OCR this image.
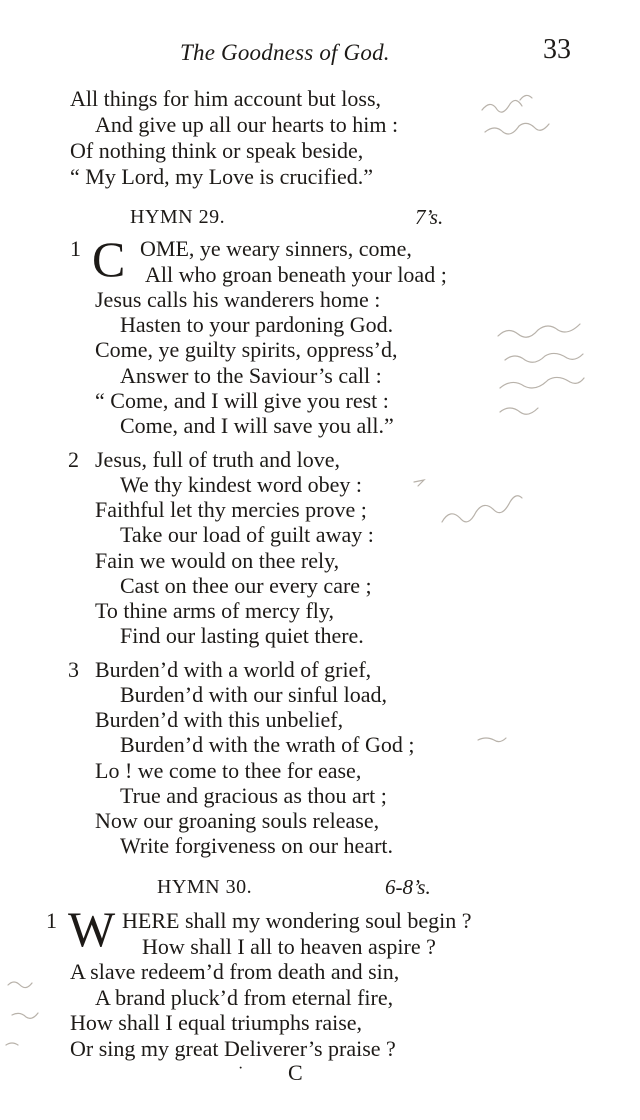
The Goodness of God.	33
All things for him account but loss,
And give up all our hearts to him :
Of nothing think or speak beside,
“ My Lord, my Love is crucified.”
HYMN 29.	7’s.
1 C OME, ye weary sinners, come,
All who groan beneath your load ;
Jesus calls his wanderers home :
Hasten to your pardoning God.
Come, ye guilty spirits, oppress’d,
Answer to the Saviour’s call :
“ Come, and I will give you rest :
Come, and I will save you all.”
2 Jesus, full of truth and love,
We thy kindest word obey :
Faithful let thy mercies prove ;
Take our load of guilt away :
Fain we would on thee rely,
Cast on thee our every care ;
To thine arms of mercy fly,
Find our lasting quiet there.
3 Burden’d with a world of grief,
Burden’d with our sinful load,
Burden’d with this unbelief,
Burden’d with the wrath of God ;
Lo ! we come to thee for ease,
True and gracious as thou art ;
Now our groaning souls release,
Write forgiveness on our heart.
HYMN 30.	6-8’s.
1 W HERE shall my wondering soul begin ?
How shall I all to heaven aspire ?
A slave redeem’d from death and sin,
A brand pluck’d from eternal fire,
How shall I equal triumphs raise,
Or sing my great Deliverer’s praise ?
· C
